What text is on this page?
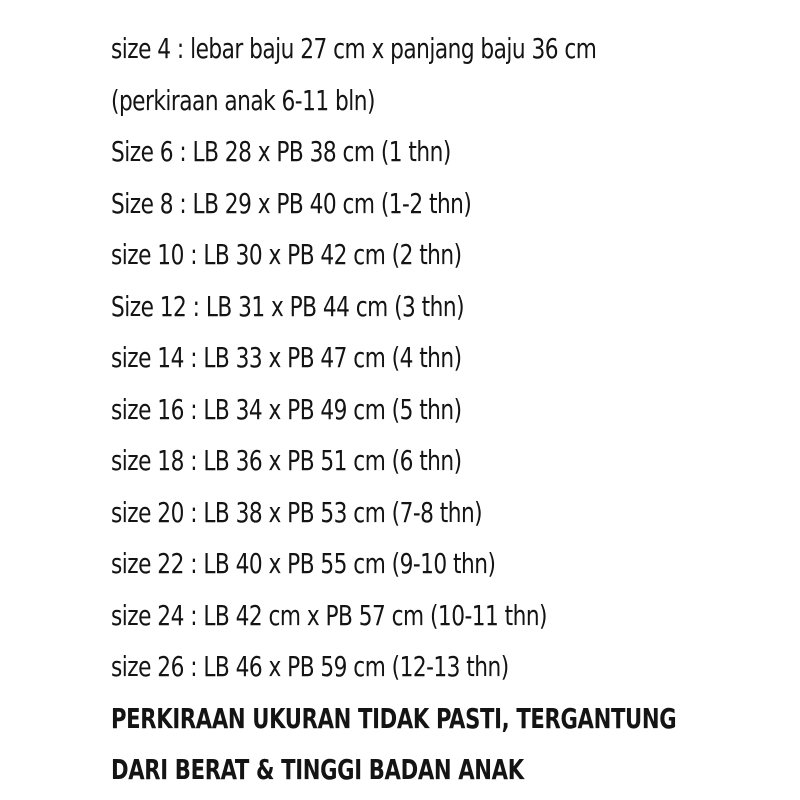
size 4 : lebar baju 27 cm x panjang baju 36 cm
(perkiraan anak 6-11 bln)
Size 6 : LB 28 x PB 38 cm (1 thn)
Size 8 : LB 29 x PB 40 cm (1-2 thn)
size 10 : LB 30 x PB 42 cm (2 thn)
Size 12 : LB 31 x PB 44 cm (3 thn)
size 14 : LB 33 x PB 47 cm (4 thn)
size 16 : LB 34 x PB 49 cm (5 thn)
size 18 : LB 36 x PB 51 cm (6 thn)
size 20 : LB 38 x PB 53 cm (7-8 thn)
size 22 : LB 40 x PB 55 cm (9-10 thn)
size 24 : LB 42 cm x PB 57 cm (10-11 thn)
size 26 : LB 46 x PB 59 cm (12-13 thn)
PERKIRAAN UKURAN TIDAK PASTI, TERGANTUNG
DARI BERAT & TINGGI BADAN ANAK
